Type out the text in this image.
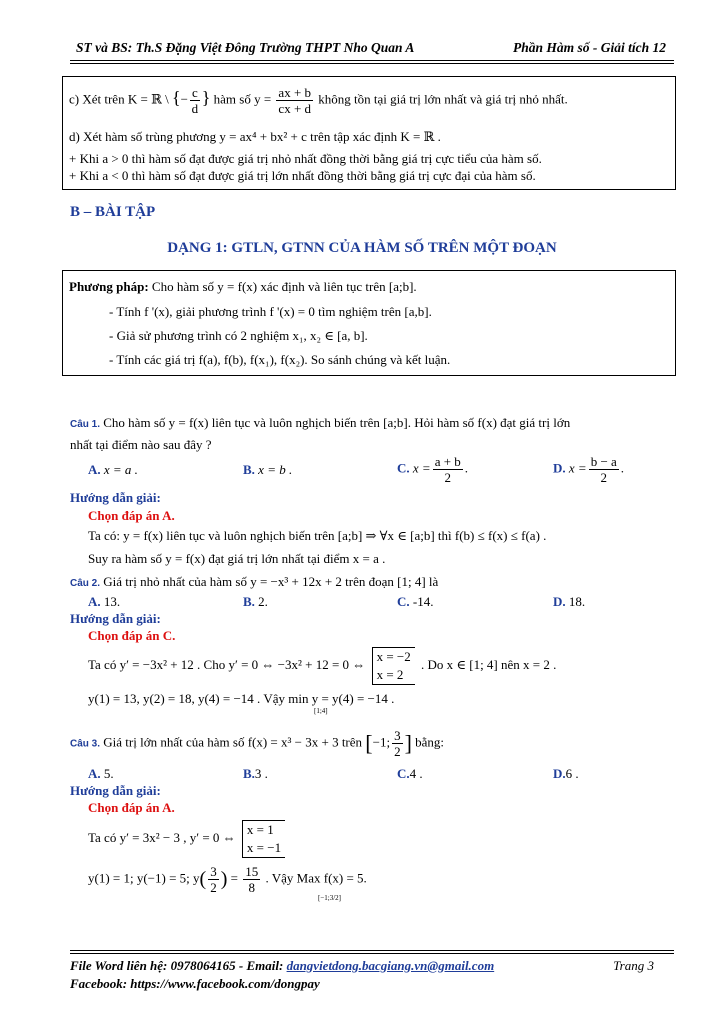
ST và BS: Th.S Đặng Việt Đông Trường THPT Nho Quan A	Phần Hàm số - Giải tích 12
c) Xét trên K = ℝ \ {− $\frac{c}{d}$ } hàm số $y = \frac{ax + b}{cx + d}$ không tồn tại giá trị lớn nhất và giá trị nhỏ nhất.
d) Xét hàm số trùng phương y = ax⁴ + bx² + c trên tập xác định K = ℝ .
+ Khi a > 0 thì hàm số đạt được giá trị nhỏ nhất đồng thời bằng giá trị cực tiểu của hàm số.
+ Khi a < 0 thì hàm số đạt được giá trị lớn nhất đồng thời bằng giá trị cực đại của hàm số.
B – BÀI TẬP
DẠNG 1: GTLN, GTNN CỦA HÀM SỐ TRÊN MỘT ĐOẠN
Phương pháp: Cho hàm số y = f(x) xác định và liên tục trên [a;b].
- Tính f '(x), giải phương trình f '(x) = 0 tìm nghiệm trên [a,b].
- Giả sử phương trình có 2 nghiệm x₁, x₂ ∈ [a, b].
- Tính các giá trị f(a), f(b), f(x₁), f(x₂). So sánh chúng và kết luận.
Câu 1. Cho hàm số y = f(x) liên tục và luôn nghịch biến trên [a;b]. Hỏi hàm số f(x) đạt giá trị lớn
nhất tại điểm nào sau đây ?
A. x = a .	B. x = b .	C. $x = \frac{a + b}{2}$ .	D. $x = \frac{b - a}{2}$ .
Hướng dẫn giải:
Chọn đáp án A.
Ta có: y = f(x) liên tục và luôn nghịch biến trên [a;b] ⇒ ∀x ∈ [a;b] thì f(b) ≤ f(x) ≤ f(a) .
Suy ra hàm số y = f(x) đạt giá trị lớn nhất tại điểm x = a .
Câu 2. Giá trị nhỏ nhất của hàm số y = −x³ + 12x + 2 trên đoạn [1; 4] là
A. 13.	B. 2.	C. -14.	D. 18.
Hướng dẫn giải:
Chọn đáp án C.
Ta có y′ = −3x² + 12 . Cho y′ = 0 ⇔ −3x² + 12 = 0 ⇔
x = −2
x = 2
. Do x ∈ [1; 4] nên x = 2 .
y(1) = 13, y(2) = 18, y(4) = −14 . Vậy min y = y(4) = −14 .
[1;4]
Câu 3. Giá trị lớn nhất của hàm số f(x) = x³ − 3x + 3 trên [−1; $\frac{3}{2}$ ] bằng:
A. 5.	B.3 .	C.4 .	D.6 .
Hướng dẫn giải:
Chọn đáp án A.
Ta có y′ = 3x² − 3 , y′ = 0 ⇔
x = 1
x = −1
y(1) = 1; y(−1) = 5; $y( \frac{3}{2}$ ) = $\frac{15}{8}$ . Vậy Max f(x) = 5.
[−1;3/2]
File Word liên hệ: 0978064165 - Email: dangvietdong.bacgiang.vn@gmail.com	Trang 3
Facebook: https://www.facebook.com/dongpay
